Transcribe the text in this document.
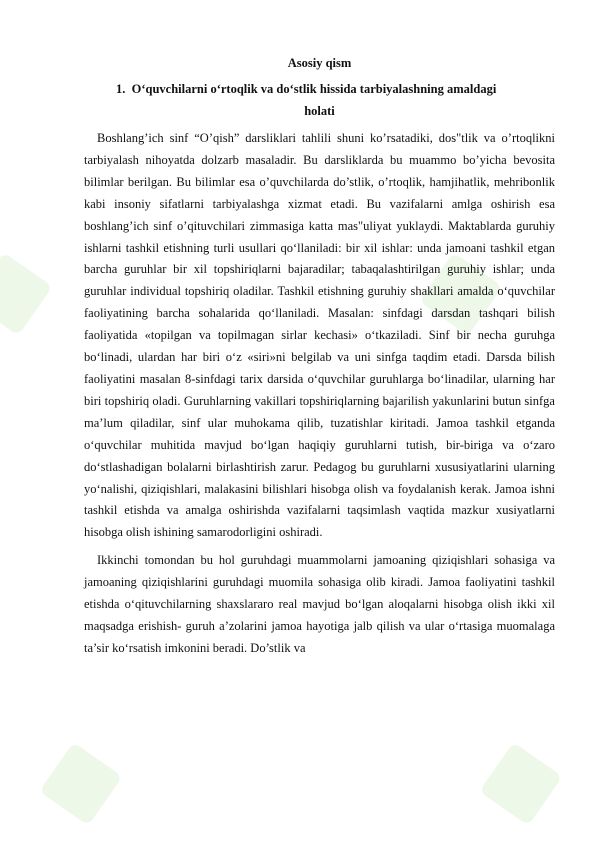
Asosiy qism
1. O‘quvchilarni o‘rtoqlik va do‘stlik hissida tarbiyalashning amaldagi
holati

Boshlang’ich sinf “O’qish” darsliklari tahlili shuni ko’rsatadiki, dos"tlik va o’rtoqlikni tarbiyalash nihoyatda dolzarb masaladir. Bu darsliklarda bu muammo bo’yicha bevosita bilimlar berilgan. Bu bilimlar esa o’quvchilarda do’stlik, o’rtoqlik, hamjihatlik, mehribonlik kabi insoniy sifatlarni tarbiyalashga xizmat etadi. Bu vazifalarni amlga oshirish esa boshlang’ich sinf o’qituvchilari zimmasiga katta mas"uliyat yuklaydi. Maktablarda guruhiy ishlarni tashkil etishning turli usullari qo‘llaniladi: bir xil ishlar: unda jamoani tashkil etgan barcha guruhlar bir xil topshiriqlarni bajaradilar; tabaqalashtirilgan guruhiy ishlar; unda guruhlar individual topshiriq oladilar. Tashkil etishning guruhiy shakllari amalda o‘quvchilar faoliyatining barcha sohalarida qo‘llaniladi. Masalan: sinfdagi darsdan tashqari bilish faoliyatida «topilgan va topilmagan sirlar kechasi» o‘tkaziladi. Sinf bir necha guruhga bo‘linadi, ulardan har biri o‘z «siri»ni belgilab va uni sinfga taqdim etadi. Darsda bilish faoliyatini masalan 8-sinfdagi tarix darsida o‘quvchilar guruhlarga bo‘linadilar, ularning har biri topshiriq oladi. Guruhlarning vakillari topshiriqlarning bajarilish yakunlarini butun sinfga ma’lum qiladilar, sinf ular muhokama qilib, tuzatishlar kiritadi. Jamoa tashkil etganda o‘quvchilar muhitida mavjud bo‘lgan haqiqiy guruhlarni tutish, bir-biriga va o‘zaro do‘stlashadigan bolalarni birlashtirish zarur. Pedagog bu guruhlarni xususiyatlarini ularning yo‘nalishi, qiziqishlari, malakasini bilishlari hisobga olish va foydalanish kerak. Jamoa ishni tashkil etishda va amalga oshirishda vazifalarni taqsimlash vaqtida mazkur xusiyatlarni hisobga olish ishining samarodorligini oshiradi.

Ikkinchi tomondan bu hol guruhdagi muammolarni jamoaning qiziqishlari sohasiga va jamoaning qiziqishlarini guruhdagi muomila sohasiga olib kiradi. Jamoa faoliyatini tashkil etishda o‘qituvchilarning shaxslararo real mavjud bo‘lgan aloqalarni hisobga olish ikki xil maqsadga erishish- guruh a’zolarini jamoa hayotiga jalb qilish va ular o‘rtasiga muomalaga ta’sir ko‘rsatish imkonini beradi. Do’stlik va
